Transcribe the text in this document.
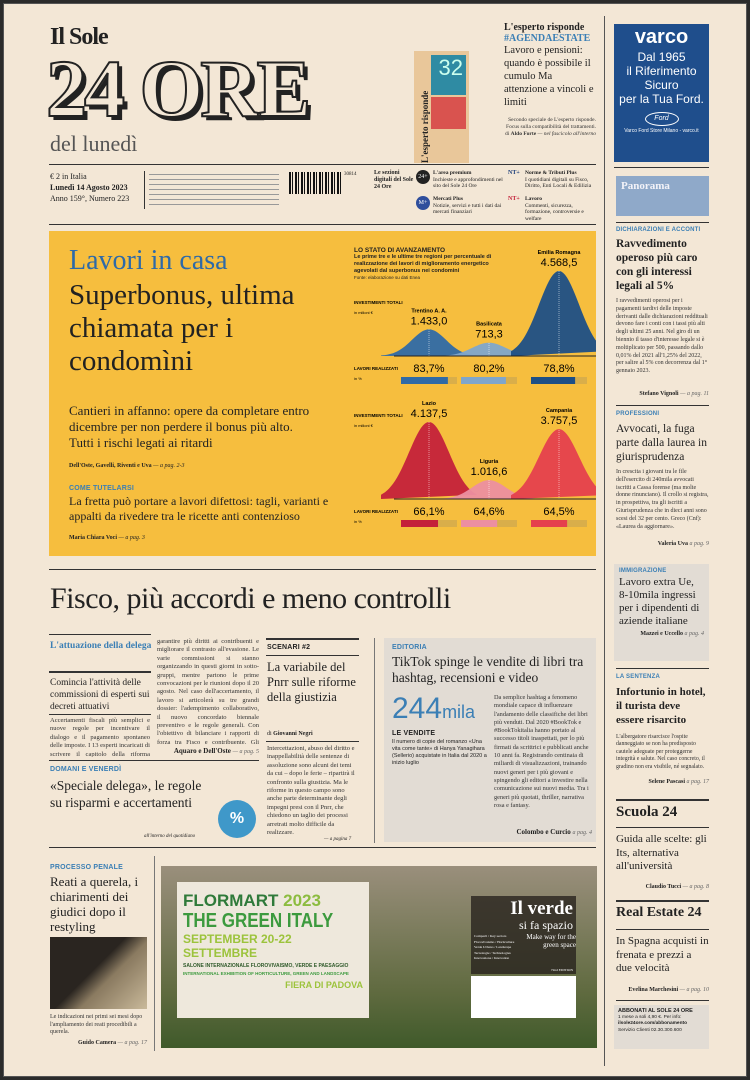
Il Sole
24 ORE
del lunedì
32
L'esperto risponde
L'esperto risponde
#AGENDAESTATE
Lavoro e pensioni: quando è possibile il cumulo Ma attenzione a vincoli e limiti
Secondo speciale de L'esperto risponde. Focus sulla compatibilità del trattamenti. di Aldo Forte — nel fascicolo all'interno
varco
Dal 1965
il Riferimento
Sicuro
per la Tua Ford.
Ford
Varco Ford Store Milano - varco.it
€ 2 in Italia
Lunedì 14 Agosto 2023
Anno 159°, Numero 223
30814	Le sezioni digitali del Sole 24 Ore
24+
L'area premium
Inchieste e approfondimenti nel sito del Sole 24 Ore
M+
Mercati Plus
Notizie, servizi e tutti i dati dai mercati finanziari
NT+ Norme & Tributi Plus
I quotidiani digitali su Fisco, Diritto, Enti Locali & Edilizia
NT+ Lavoro
Commenti, sicurezza, formazione, controversie e welfare
Panorama
Lavori in casa
Superbonus, ultima chiamata per i condomìni
Cantieri in affanno: opere da completare entro dicembre per non perdere il bonus più alto. Tutti i rischi legati ai ritardi
Dell'Oste, Gavelli, Riventi e Uva — a pag. 2-3
COME TUTELARSI
La fretta può portare a lavori difettosi: tagli, varianti e appalti da rivedere tra le ricette anti contenzioso
Maria Chiara Voci — a pag. 3
LO STATO DI AVANZAMENTO
Le prime tre e le ultime tre regioni per percentuale di realizzazione dei lavori di miglioramento energetico agevolati dal superbonus nei condomini
Fonte: elaborazione su dati Enea
INVESTIMENTI TOTALI
in milioni €
LAVORI REALIZZATI
in %
Trentino A. A.
1.433,0
83,7%
Basilicata
713,3
80,2%
Emilia Romagna
4.568,5
78,8%
INVESTIMENTI TOTALI
in milioni €
LAVORI REALIZZATI
in %
Lazio
4.137,5
66,1%
Liguria
1.016,6
64,6%
Campania
3.757,5
64,5%
Fisco, più accordi e meno controlli
L'attuazione della delega
Comincia l'attività delle commissioni di esperti sui decreti attuativi
Accertamenti fiscali più semplici e nuove regole per incentivare il dialogo e il pagamento spontaneo delle imposte. I 13 esperti incaricati di scrivere il capitolo della riforma
garantire più diritti ai contribuenti e migliorare il contrasto all'evasione. Le varie commissioni si stanno organizzando in questi giorni in sotto-gruppi, mentre partono le prime convocazioni per le riunioni dopo il 20 agosto. Nel caso dell'accertamento, il lavoro si articolerà su tre grandi dossier: l'adempimento collaborativo, il nuovo concordato biennale preventivo e le regole generali. Con l'obiettivo di bilanciare i rapporti di forza tra Fisco e contribuente. Gli
Aquaro e Dell'Oste — a pag. 5
DOMANI E VENERDÌ
«Speciale delega», le regole su risparmi e accertamenti
all'interno del quotidiano
%
SCENARI #2
La variabile del Pnrr sulle riforme della giustizia
di Giovanni Negri
Intercettazioni, abuso del diritto e inappellabilità delle sentenze di assoluzione sono alcuni dei temi da cui – dopo le ferie – ripartirà il confronto sulla giustizia. Ma le riforme in questo campo sono anche parte determinante degli impegni presi con il Pnrr, che chiedono un taglio dei processi arretrati molto difficile da realizzare.
— a pagina 7
EDITORIA
TikTok spinge le vendite di libri tra hashtag, recensioni e video
244mila
LE VENDITE
Il numero di copie del romanzo «Una vita come tante» di Hanya Yanagihara (Sellerio) acquistate in Italia dal 2020 a inizio luglio
Da semplice hashtag a fenomeno mondiale capace di influenzare l'andamento delle classifiche dei libri più venduti. Dal 2020 #BookTok e #BookTokitalia hanno portato al successo titoli inaspettati, per lo più firmati da scrittrici e pubblicati anche 10 anni fa. Registrando centinaia di miliardi di visualizzazioni, trainando nuovi generi per i più giovani e spingendo gli editori a investire nella comunicazione sui nuovi media. Tra i generi più quotati, thriller, narrativa rosa e fantasy.
Colombo e Curcio a pag. 4
PROCESSO PENALE
Reati a querela, i chiarimenti dei giudici dopo il restyling
Le indicazioni nei primi sei mesi dopo l'ampliamento dei reati procedibili a querela.
Guido Camera — a pag. 17
FLORMART 2023
THE GREEN ITALY
SEPTEMBER 20-22 SETTEMBRE
SALONE INTERNAZIONALE FLOROVIVAISMO, VERDE E PAESAGGIO
INTERNATIONAL EXHIBITION OF HORTICULTURE, GREEN AND LANDSCAPE
FIERA DI PADOVA
Il verde
si fa spazio
Make way for the green space
Comparti / Key sectors
Florovivaismo / Horticulture
Verde Urbano / Landscape
Tecnologie / Technologies
Innovazione / Innovation
72nd EDITION
DICHIARAZIONI E ACCONTI
Ravvedimento operoso più caro con gli interessi legali al 5%
I ravvedimenti operosi per i pagamenti tardivi delle imposte derivanti dalle dichiarazioni reddituali devono fare i conti con i tassi più alti degli ultimi 25 anni. Nel giro di un biennio il tasso d'interesse legale si è moltiplicato per 500, passando dallo 0,01% del 2021 all'1,25% del 2022, per salire al 5% con decorrenza dal 1° gennaio 2023.
Stefano Vignoli — a pag. 11
PROFESSIONI
Avvocati, la fuga parte dalla laurea in giurisprudenza
In crescita i giovani tra le file dell'esercito di 240mila avvocati iscritti a Cassa forense (ma molte donne rinunciano). Il crollo si registra, in prospettiva, tra gli iscritti a Giurisprudenza che in dieci anni sono scesi del 32 per cento. Greco (Cnf): «Laurea da aggiornare».
Valeria Uva a pag. 9
IMMIGRAZIONE
Lavoro extra Ue, 8-10mila ingressi per i dipendenti di aziende italiane
Mazzei e Uccello a pag. 4
LA SENTENZA
Infortunio in hotel, il turista deve essere risarcito
L'albergatore risarcisce l'ospite danneggiato se non ha predisposto cautele adeguate per proteggerne integrità e salute. Nel caso concreto, il gradino non era visibile, né segnalato.
Selene Pascasi a pag. 17
Scuola 24
Guida alle scelte: gli Its, alternativa all'università
Claudio Tucci — a pag. 8
Real Estate 24
In Spagna acquisti in frenata e prezzi a due velocità
Evelina Marchesini — a pag. 10
ABBONATI AL SOLE 24 ORE
1 mese a soli 4,90 €. Per info:
ilsole24ore.com/abbonamento
Servizio Clienti 02.30.300.600
